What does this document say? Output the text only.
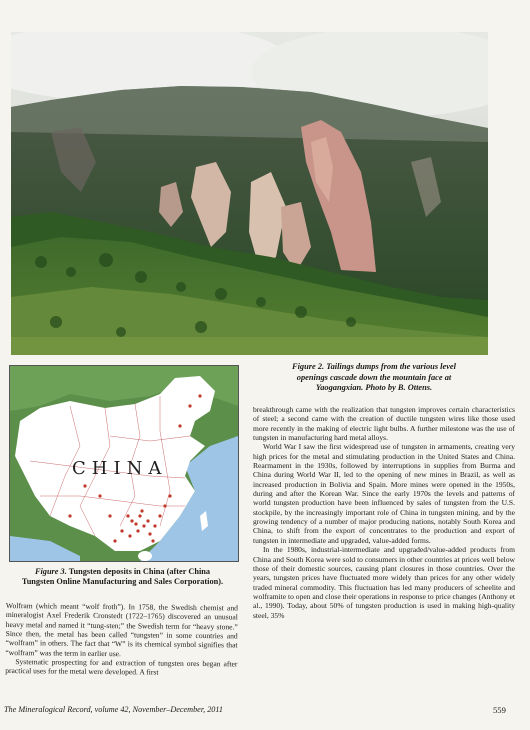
Figure 2. Tailings dumps from the various level openings cascade down the mountain face at Yaogangxian. Photo by B. Ottens.
CHINA
Figure 3. Tungsten deposits in China (after China Tungsten Online Manufacturing and Sales Corporation).

Wolfram (which meant “wolf froth”). In 1758, the Swedish chemist and mineralogist Axel Frederik Cronstedt (1722–1765) discovered an unusual heavy metal and named it “tung-sten;” the Swedish term for “heavy stone.” Since then, the metal has been called “tungsten” in some countries and “wolfram” in others. The fact that “W” is its chemical symbol signifies that “wolfram” was the term in earlier use.

Systematic prospecting for and extraction of tungsten ores began after practical uses for the metal were developed. A first

breakthrough came with the realization that tungsten improves certain characteristics of steel; a second came with the creation of ductile tungsten wires like those used more recently in the making of electric light bulbs. A further milestone was the use of tungsten in manufacturing hard metal alloys.

World War I saw the first widespread use of tungsten in armaments, creating very high prices for the metal and stimulating production in the United States and China. Rearmament in the 1930s, followed by interruptions in supplies from Burma and China during World War II, led to the opening of new mines in Brazil, as well as increased production in Bolivia and Spain. More mines were opened in the 1950s, during and after the Korean War. Since the early 1970s the levels and patterns of world tungsten production have been influenced by sales of tungsten from the U.S. stockpile, by the increasingly important role of China in tungsten mining, and by the growing tendency of a number of major producing nations, notably South Korea and China, to shift from the export of concentrates to the production and export of tungsten in intermediate and upgraded, value-added forms.

In the 1980s, industrial-intermediate and upgraded/value-added products from China and South Korea were sold to consumers in other countries at prices well below those of their domestic sources, causing plant closures in those countries. Over the years, tungsten prices have fluctuated more widely than prices for any other widely traded mineral commodity. This fluctuation has led many producers of scheelite and wolframite to open and close their operations in response to price changes (Anthony et al., 1990). Today, about 50% of tungsten production is used in making high-quality steel, 35%

The Mineralogical Record, volume 42, November–December, 2011	559
